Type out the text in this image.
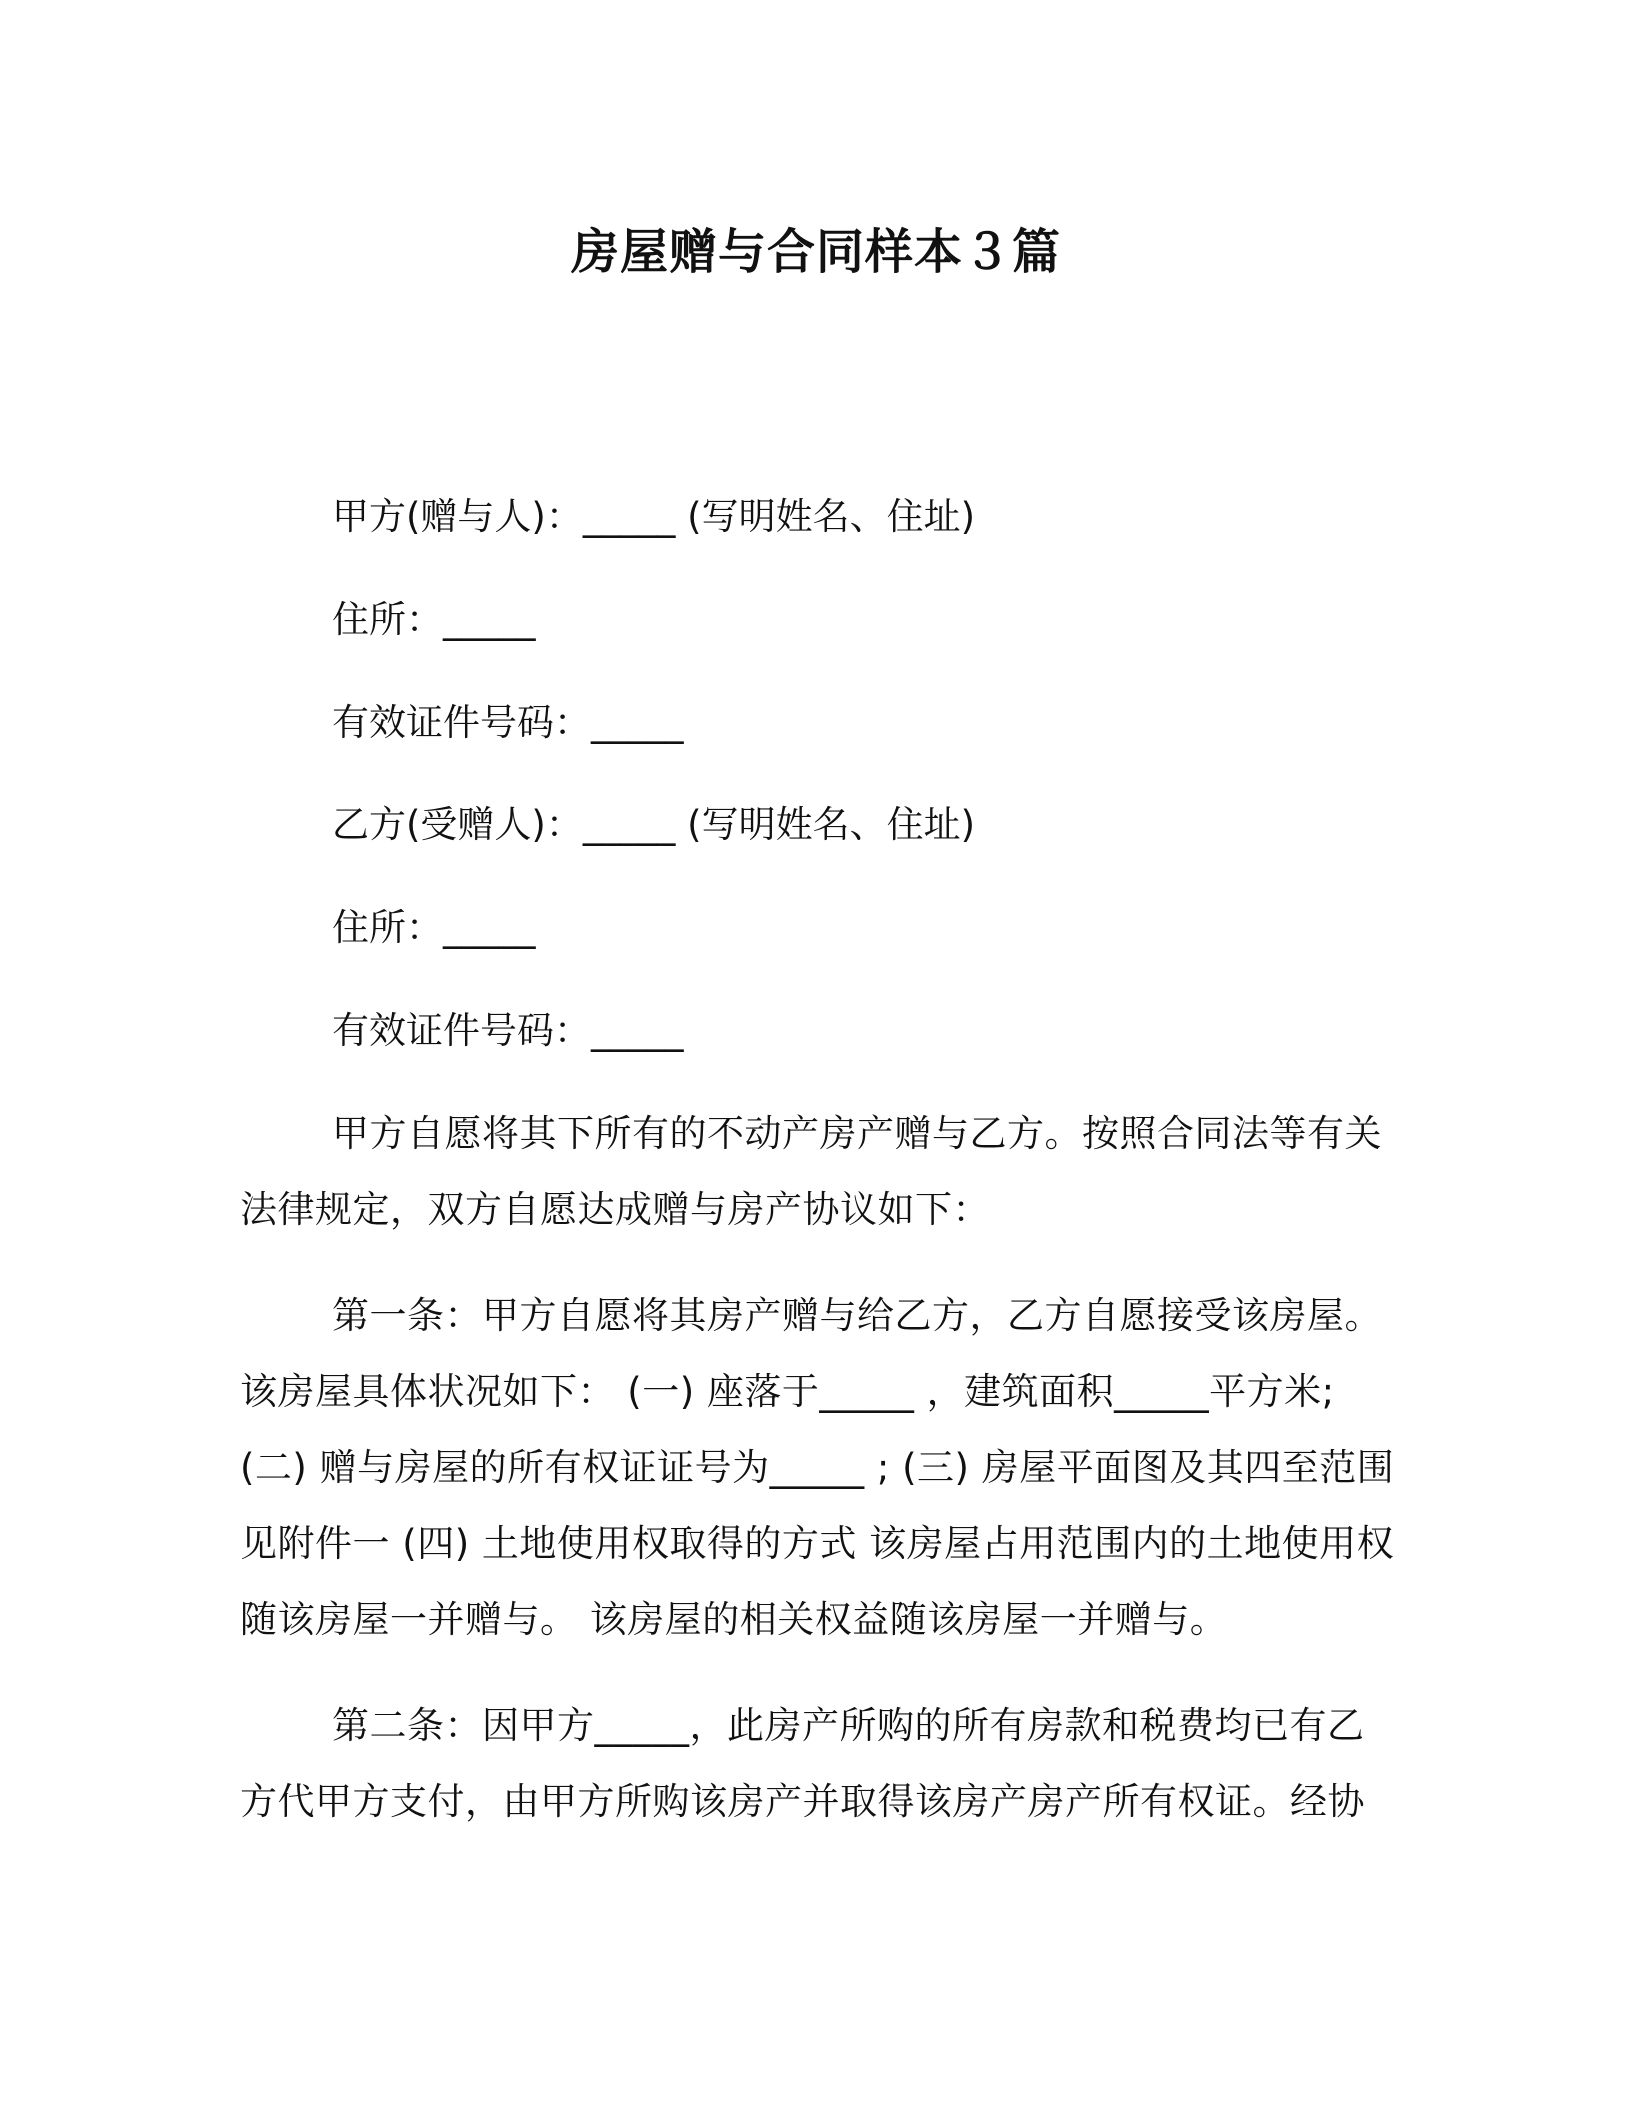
房屋赠与合同样本３篇
甲方(赠与人)：_____ (写明姓名、住址)
住所：_____
有效证件号码：_____
乙方(受赠人)：_____ (写明姓名、住址)
住所：_____
有效证件号码：_____
甲方自愿将其下所有的不动产房产赠与乙方。按照合同法等有关
法律规定，双方自愿达成赠与房产协议如下：
第一条：甲方自愿将其房产赠与给乙方，乙方自愿接受该房屋。
该房屋具体状况如下： (一) 座落于_____ ，建筑面积_____平方米;
(二) 赠与房屋的所有权证证号为_____ ; (三) 房屋平面图及其四至范围
见附件一 (四) 土地使用权取得的方式 该房屋占用范围内的土地使用权
随该房屋一并赠与。 该房屋的相关权益随该房屋一并赠与。
第二条：因甲方_____，此房产所购的所有房款和税费均已有乙
方代甲方支付，由甲方所购该房产并取得该房产房产所有权证。经协
